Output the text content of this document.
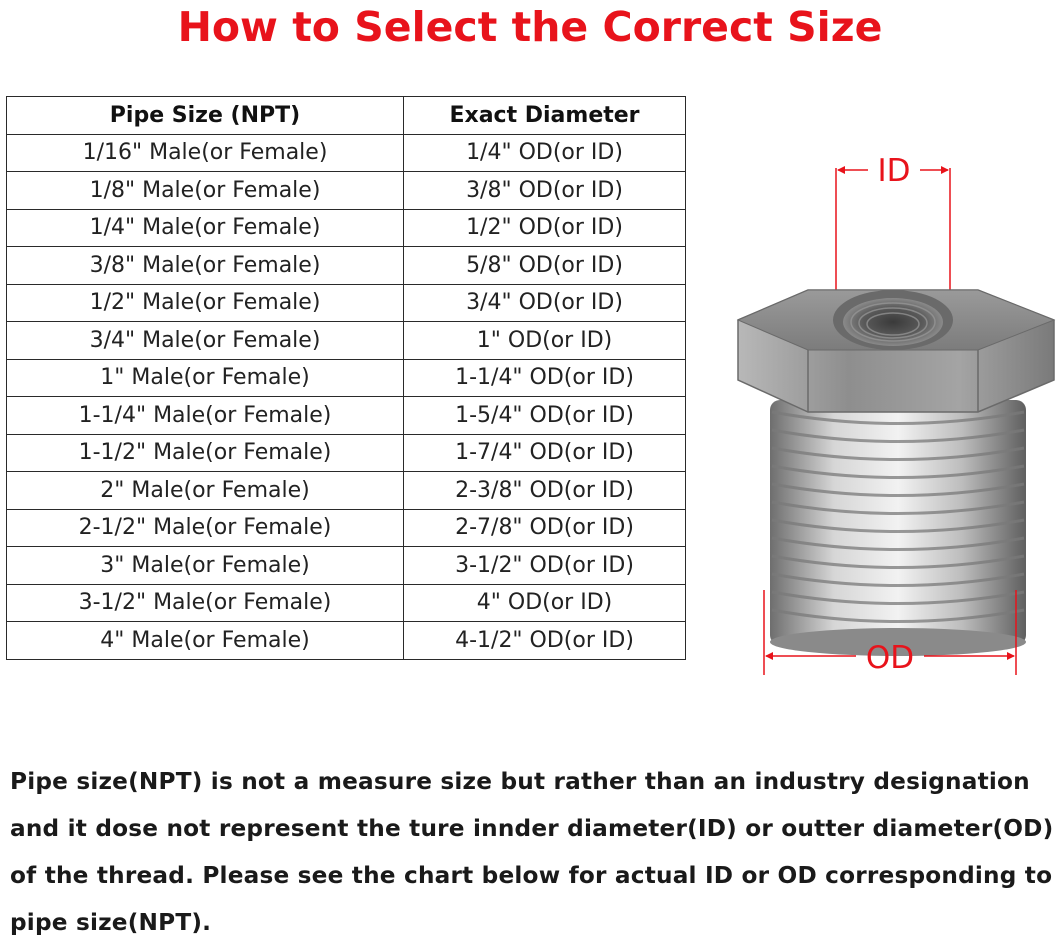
How to Select the Correct Size
Pipe Size (NPT)	Exact Diameter
1/16" Male(or Female)	1/4" OD(or ID)
1/8" Male(or Female)	3/8" OD(or ID)
1/4" Male(or Female)	1/2" OD(or ID)
3/8" Male(or Female)	5/8" OD(or ID)
1/2" Male(or Female)	3/4" OD(or ID)
3/4" Male(or Female)	1" OD(or ID)
1" Male(or Female)	1-1/4" OD(or ID)
1-1/4" Male(or Female)	1-5/4" OD(or ID)
1-1/2" Male(or Female)	1-7/4" OD(or ID)
2" Male(or Female)	2-3/8" OD(or ID)
2-1/2" Male(or Female)	2-7/8" OD(or ID)
3" Male(or Female)	3-1/2" OD(or ID)
3-1/2" Male(or Female)	4" OD(or ID)
4" Male(or Female)	4-1/2" OD(or ID)
ID
OD
Pipe size(NPT) is not a measure size but rather than an industry designation
and it dose not represent the ture innder diameter(ID) or outter diameter(OD)
of the thread. Please see the chart below for actual ID or OD corresponding to
pipe size(NPT).
